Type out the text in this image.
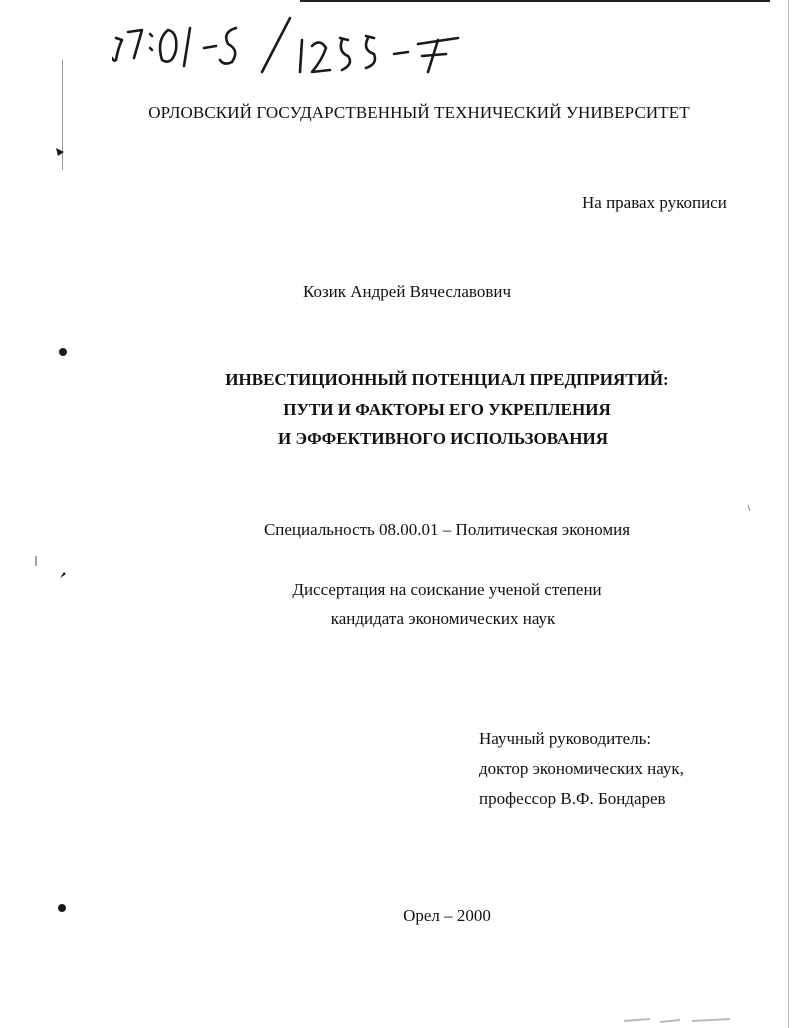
ОРЛОВСКИЙ ГОСУДАРСТВЕННЫЙ ТЕХНИЧЕСКИЙ УНИВЕРСИТЕТ
На правах рукописи
Козик Андрей Вячеславович
ИНВЕСТИЦИОННЫЙ ПОТЕНЦИАЛ ПРЕДПРИЯТИЙ:
ПУТИ И ФАКТОРЫ ЕГО УКРЕПЛЕНИЯ
И ЭФФЕКТИВНОГО ИСПОЛЬЗОВАНИЯ
Специальность 08.00.01 – Политическая экономия
Диссертация на соискание ученой степени
кандидата экономических наук
Научный руководитель:
доктор экономических наук,
профессор В.Ф. Бондарев
Орел – 2000
